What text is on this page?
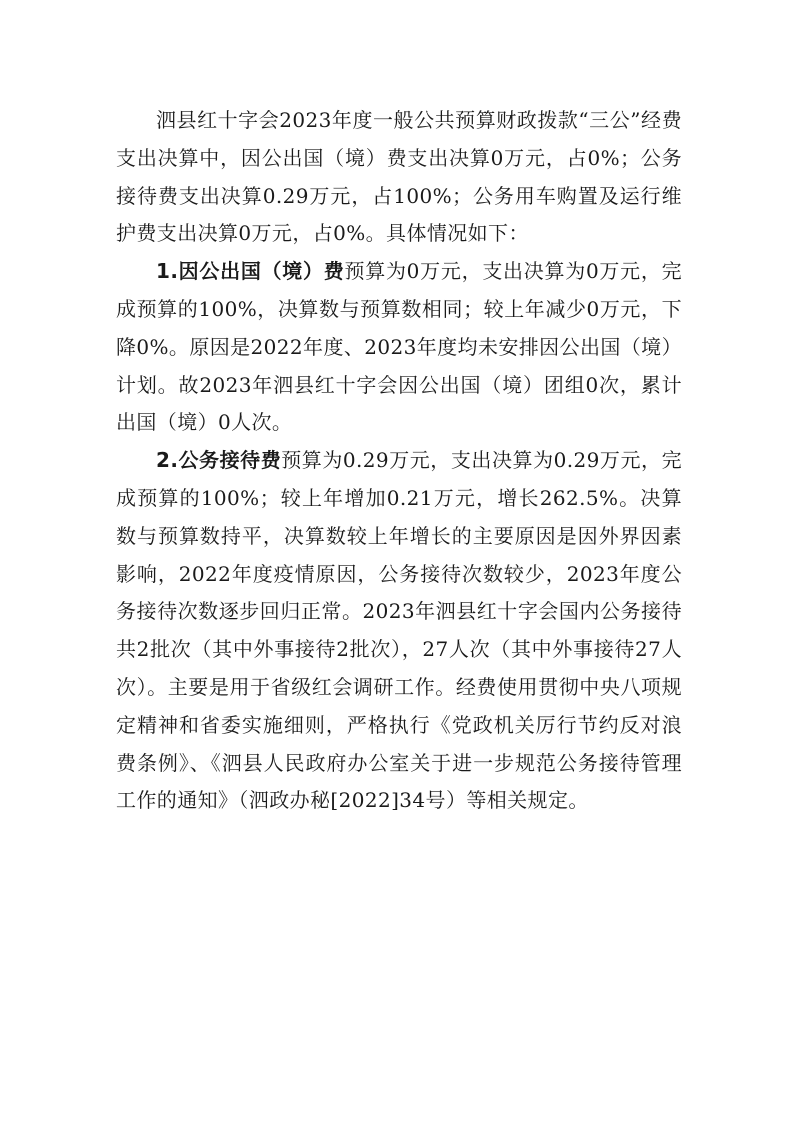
泗县红十字会2023年度一般公共预算财政拨款“三公”经费支出决算中，因公出国（境）费支出决算0万元，占0%；公务接待费支出决算0.29万元，占100%；公务用车购置及运行维护费支出决算0万元，占0%。具体情况如下：

1.因公出国（境）费预算为0万元，支出决算为0万元，完成预算的100%，决算数与预算数相同；较上年减少0万元，下降0%。原因是2022年度、2023年度均未安排因公出国（境）计划。故2023年泗县红十字会因公出国（境）团组0次，累计出国（境）0人次。

2.公务接待费预算为0.29万元，支出决算为0.29万元，完成预算的100%；较上年增加0.21万元，增长262.5%。决算数与预算数持平，决算数较上年增长的主要原因是因外界因素影响，2022年度疫情原因，公务接待次数较少，2023年度公务接待次数逐步回归正常。2023年泗县红十字会国内公务接待共2批次（其中外事接待2批次），27人次（其中外事接待27人次）。主要是用于省级红会调研工作。经费使用贯彻中央八项规定精神和省委实施细则，严格执行《党政机关厉行节约反对浪费条例》、《泗县人民政府办公室关于进一步规范公务接待管理工作的通知》（泗政办秘[2022]34号）等相关规定。
